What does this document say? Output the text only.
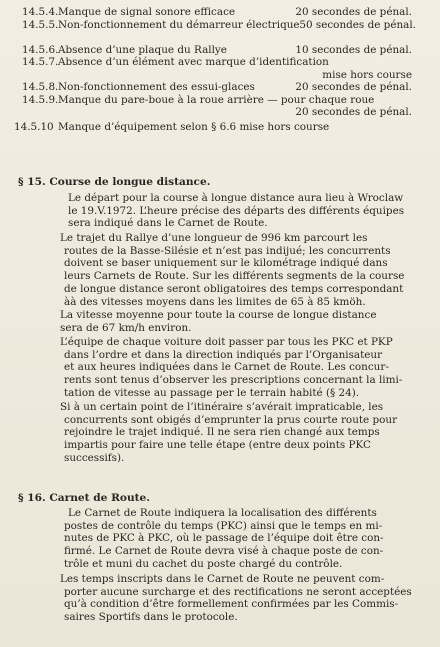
14.5.4. Manque de signal sonore efficace	20 secondes de pénal.
14.5.5. Non-fonctionnement du démarreur électrique 50 secondes de pénal.
14.5.6. Absence d’une plaque du Rallye	10 secondes de pénal.
14.5.7. Absence d’un élément avec marque d’identification
mise hors course
14.5.8. Non-fonctionnement des essui-glaces	20 secondes de pénal.
14.5.9. Manque du pare-boue à la roue arrière — pour chaque roue
20 secondes de pénal.
14.5.10 Manque d’équipement selon § 6.6 mise hors course
§ 15. Course de longue distance.
Le départ pour la course à longue distance aura lieu à Wroclaw
le 19.V.1972. L’heure précise des départs des différents équipes
sera indiqué dans le Carnet de Route.
Le trajet du Rallye d’une longueur de 996 km parcourt les
routes de la Basse-Silésie et n’est pas indijué; les concurrents
doivent se baser uniquement sur le kilométrage indiqué dans
leurs Carnets de Route. Sur les différents segments de la course
de longue distance seront obligatoires des temps correspondant
àà des vitesses moyens dans les limites de 65 à 85 kmöh.
La vitesse moyenne pour toute la course de longue distance
sera de 67 km/h environ.
L’équipe de chaque voiture doit passer par tous les PKC et PKP
dans l’ordre et dans la direction indiqués par l’Organisateur
et aux heures indiquées dans le Carnet de Route. Les concur-
rents sont tenus d’observer les prescriptions concernant la limi-
tation de vitesse au passage per le terrain habité (§ 24).
Si à un certain point de l’itinéraire s’avérait impraticable, les
concurrents sont obigés d’emprunter la prus courte route pour
rejoindre le trajet indiqué. Il ne sera rien changé aux temps
impartis pour faire une telle étape (entre deux points PKC
successifs).
§ 16. Carnet de Route.
Le Carnet de Route indiquera la localisation des différents
postes de contrôle du temps (PKC) ainsi que le temps en mi-
nutes de PKC à PKC, où le passage de l’équipe doit être con-
firmé. Le Carnet de Route devra visé à chaque poste de con-
trôle et muni du cachet du poste chargé du contrôle.
Les temps inscripts dans le Carnet de Route ne peuvent com-
porter aucune surcharge et des rectifications ne seront acceptées
qu’à condition d’être formellement confirmées par les Commis-
saires Sportifs dans le protocole.
